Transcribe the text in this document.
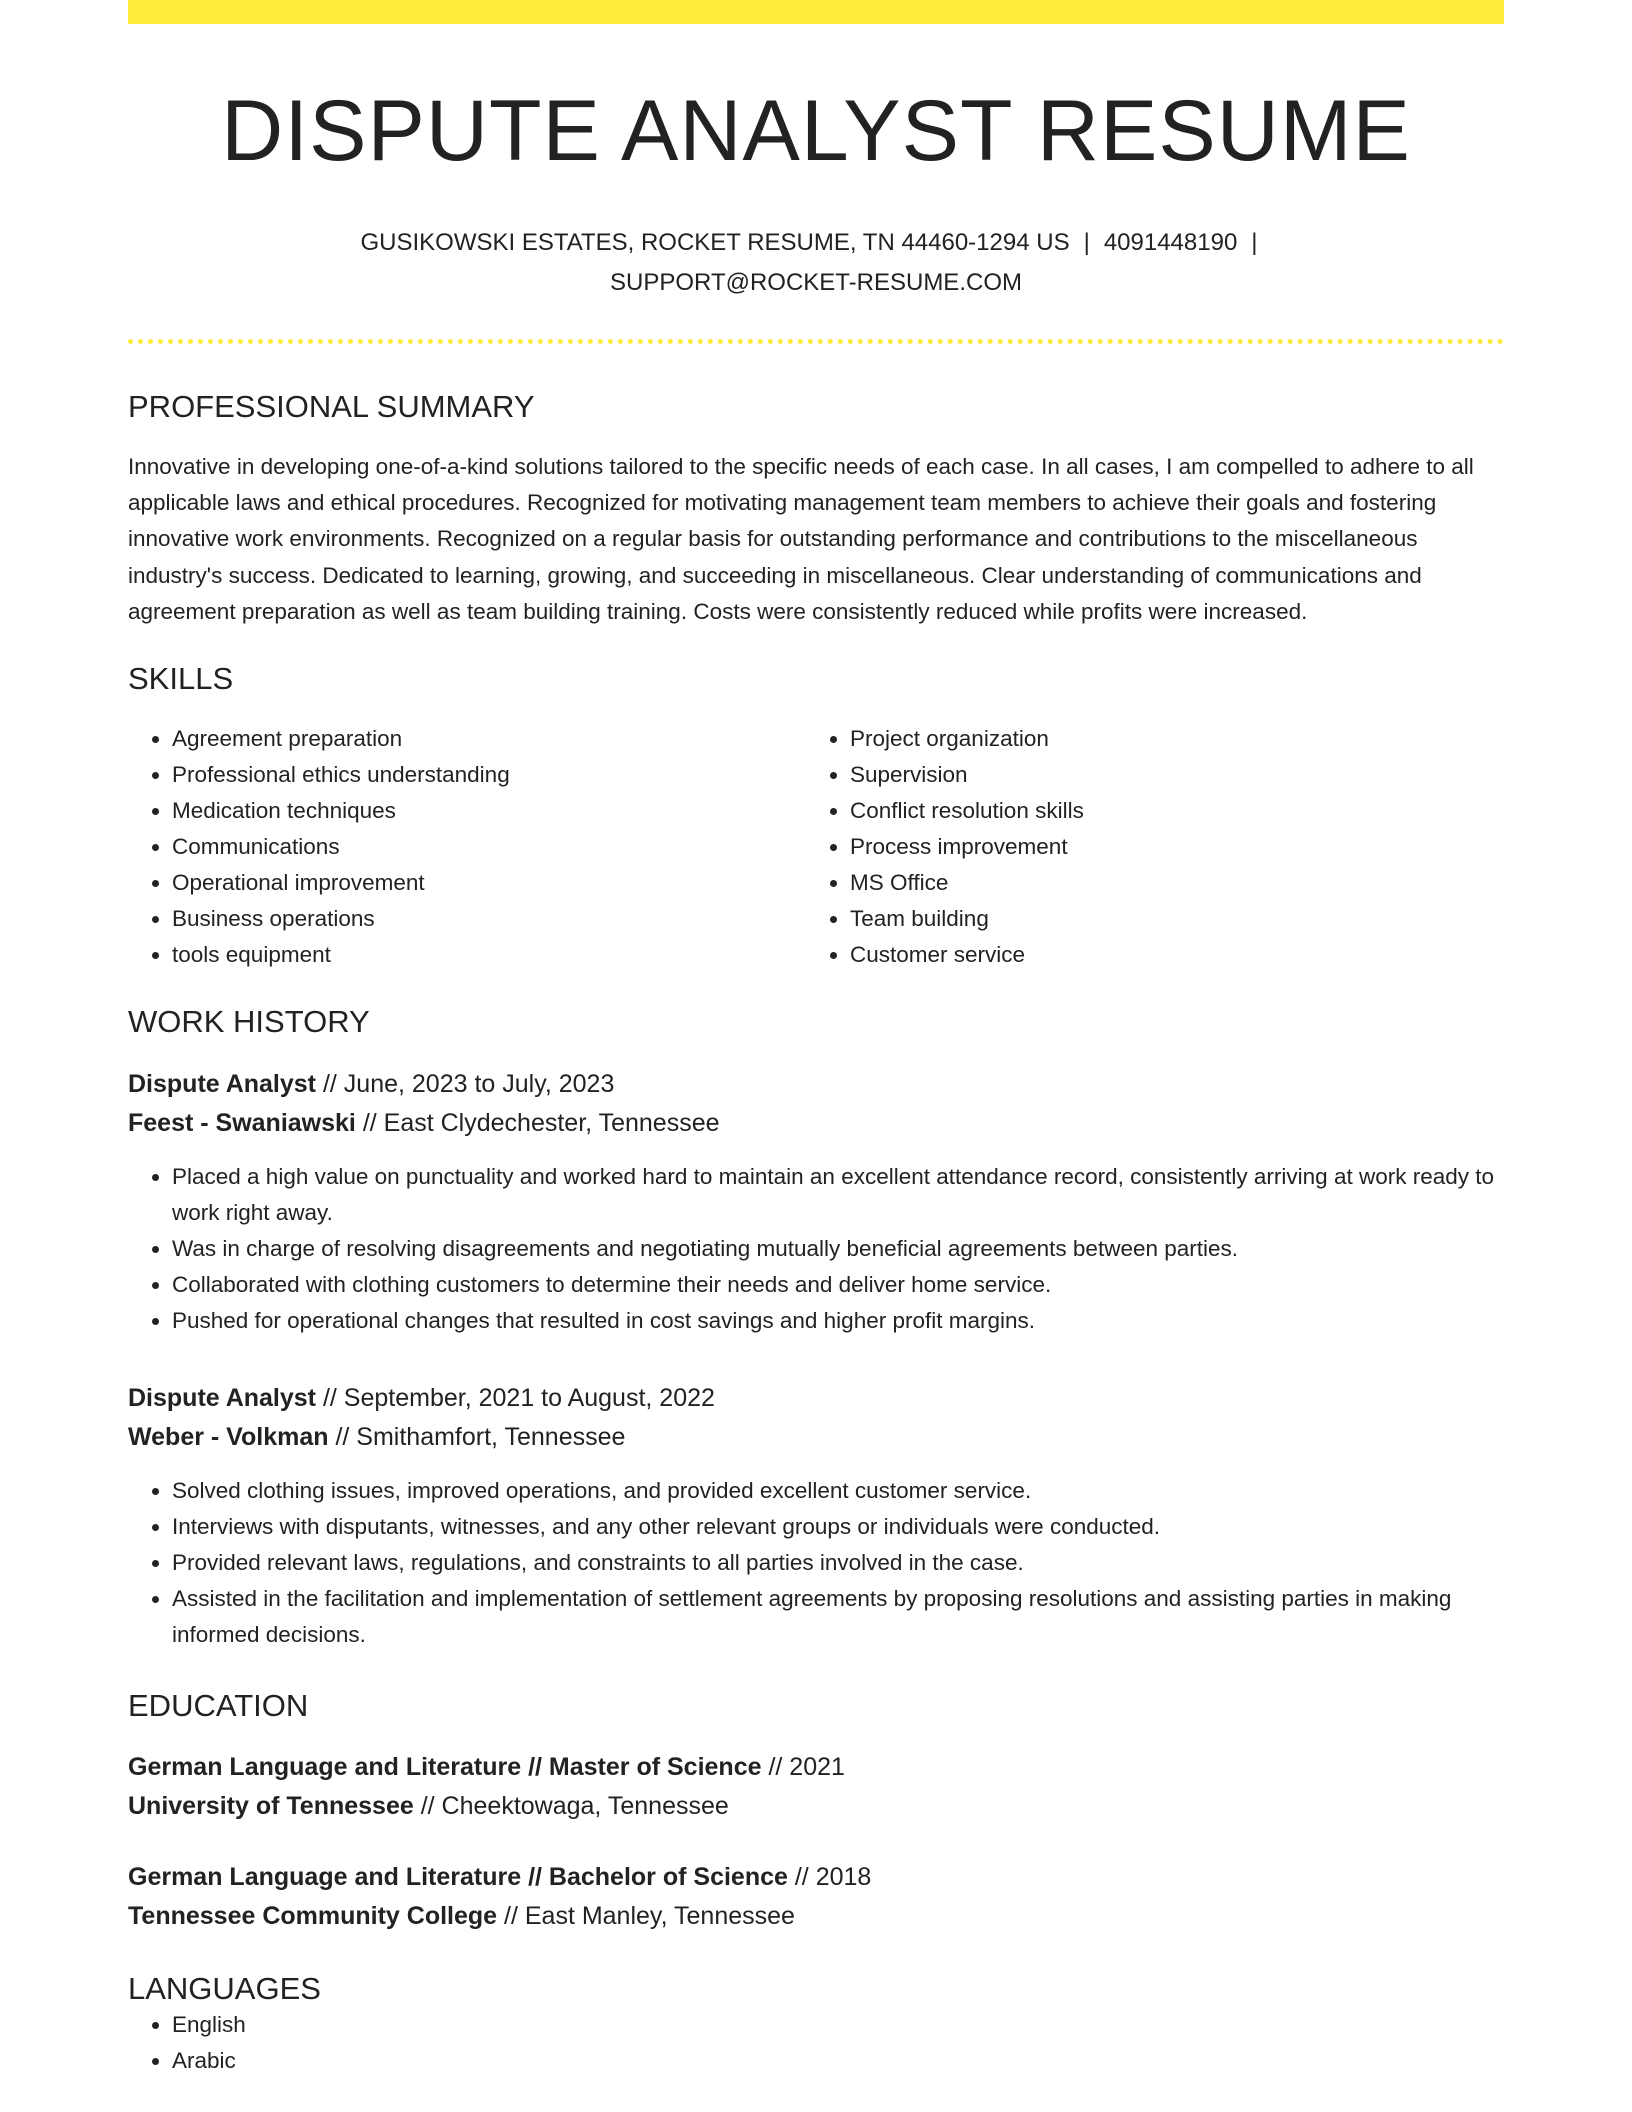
DISPUTE ANALYST RESUME
GUSIKOWSKI ESTATES, ROCKET RESUME, TN 44460-1294 US | 4091448190 |
SUPPORT@ROCKET-RESUME.COM
PROFESSIONAL SUMMARY
Innovative in developing one-of-a-kind solutions tailored to the specific needs of each case. In all cases, I am compelled to adhere to all applicable laws and ethical procedures. Recognized for motivating management team members to achieve their goals and fostering innovative work environments. Recognized on a regular basis for outstanding performance and contributions to the miscellaneous industry's success. Dedicated to learning, growing, and succeeding in miscellaneous. Clear understanding of communications and agreement preparation as well as team building training. Costs were consistently reduced while profits were increased.
SKILLS
• Agreement preparation
• Professional ethics understanding
• Medication techniques
• Communications
• Operational improvement
• Business operations
• tools equipment
• Project organization
• Supervision
• Conflict resolution skills
• Process improvement
• MS Office
• Team building
• Customer service
WORK HISTORY
Dispute Analyst // June, 2023 to July, 2023
Feest - Swaniawski // East Clydechester, Tennessee
• Placed a high value on punctuality and worked hard to maintain an excellent attendance record, consistently arriving at work ready to work right away.
• Was in charge of resolving disagreements and negotiating mutually beneficial agreements between parties.
• Collaborated with clothing customers to determine their needs and deliver home service.
• Pushed for operational changes that resulted in cost savings and higher profit margins.
Dispute Analyst // September, 2021 to August, 2022
Weber - Volkman // Smithamfort, Tennessee
• Solved clothing issues, improved operations, and provided excellent customer service.
• Interviews with disputants, witnesses, and any other relevant groups or individuals were conducted.
• Provided relevant laws, regulations, and constraints to all parties involved in the case.
• Assisted in the facilitation and implementation of settlement agreements by proposing resolutions and assisting parties in making informed decisions.
EDUCATION
German Language and Literature // Master of Science // 2021
University of Tennessee // Cheektowaga, Tennessee
German Language and Literature // Bachelor of Science // 2018
Tennessee Community College // East Manley, Tennessee
LANGUAGES
• English
• Arabic
